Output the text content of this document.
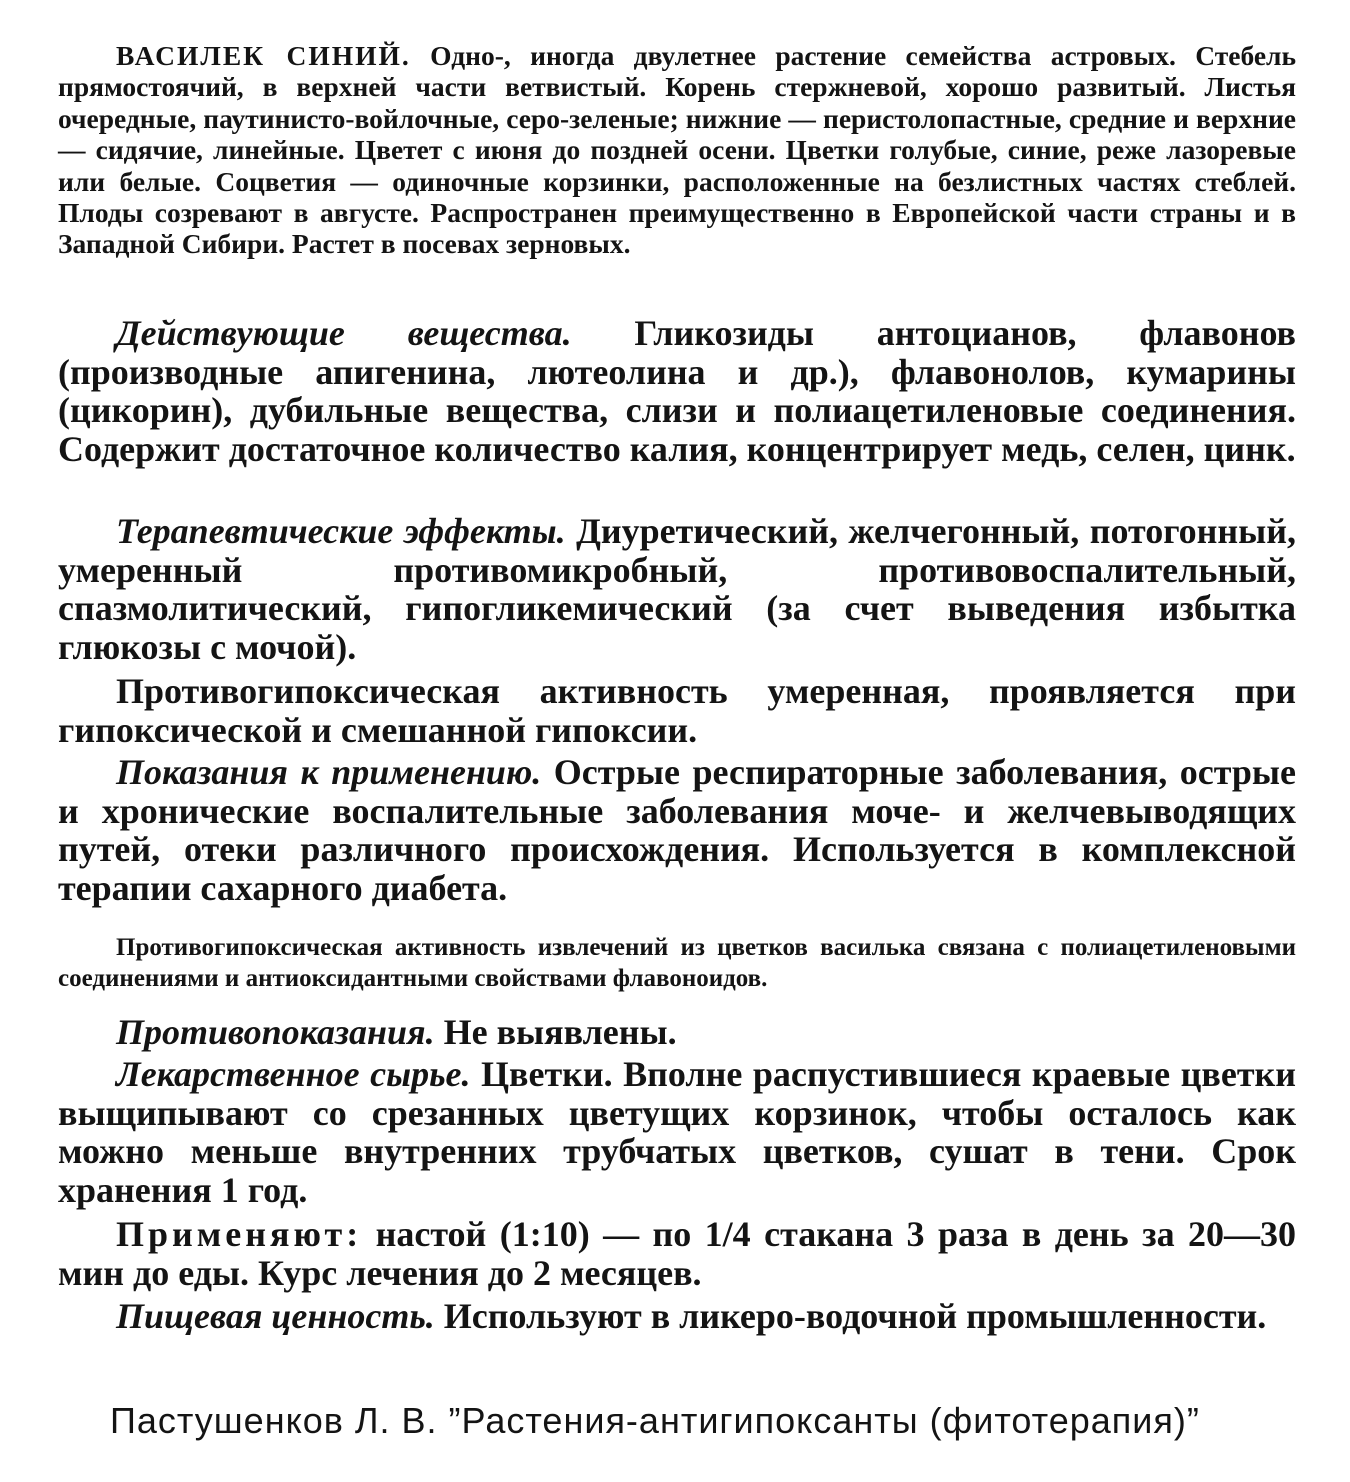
ВАСИЛЕК СИНИЙ. Одно-, иногда двулетнее растение семейства астровых. Стебель прямостоячий, в верхней части ветвистый. Корень стержневой, хорошо развитый. Листья очередные, паутинисто-войлочные, серо-зеленые; нижние — перистолопастные, средние и верхние — сидячие, линейные. Цветет с июня до поздней осени. Цветки голубые, синие, реже лазоревые или белые. Соцветия — одиночные корзинки, расположенные на безлистных частях стеблей. Плоды созревают в августе. Распространен преимущественно в Европейской части страны и в Западной Сибири. Растет в посевах зерновых.

Действующие вещества. Гликозиды антоцианов, флавонов (производные апигенина, лютеолина и др.), флавонолов, кумарины (цикорин), дубильные вещества, слизи и полиацетиленовые соединения. Содержит достаточное количество калия, концентрирует медь, селен, цинк.

Терапевтические эффекты. Диуретический, желчегонный, потогонный, умеренный противомикробный, противовоспалительный, спазмолитический, гипогликемический (за счет выведения избытка глюкозы с мочой).

Противогипоксическая активность умеренная, проявляется при гипоксической и смешанной гипоксии.

Показания к применению. Острые респираторные заболевания, острые и хронические воспалительные заболевания моче- и желчевыводящих путей, отеки различного происхождения. Используется в комплексной терапии сахарного диабета.

Противогипоксическая активность извлечений из цветков василька связана с полиацетиленовыми соединениями и антиоксидантными свойствами флавоноидов.

Противопоказания. Не выявлены.

Лекарственное сырье. Цветки. Вполне распустившиеся краевые цветки выщипывают со срезанных цветущих корзинок, чтобы осталось как можно меньше внутренних трубчатых цветков, сушат в тени. Срок хранения 1 год.

Применяют: настой (1:10) — по 1/4 стакана 3 раза в день за 20—30 мин до еды. Курс лечения до 2 месяцев.

Пищевая ценность. Используют в ликеро-водочной промышленности.

Пастушенков Л. В. ”Растения-антигипоксанты (фитотерапия)”
